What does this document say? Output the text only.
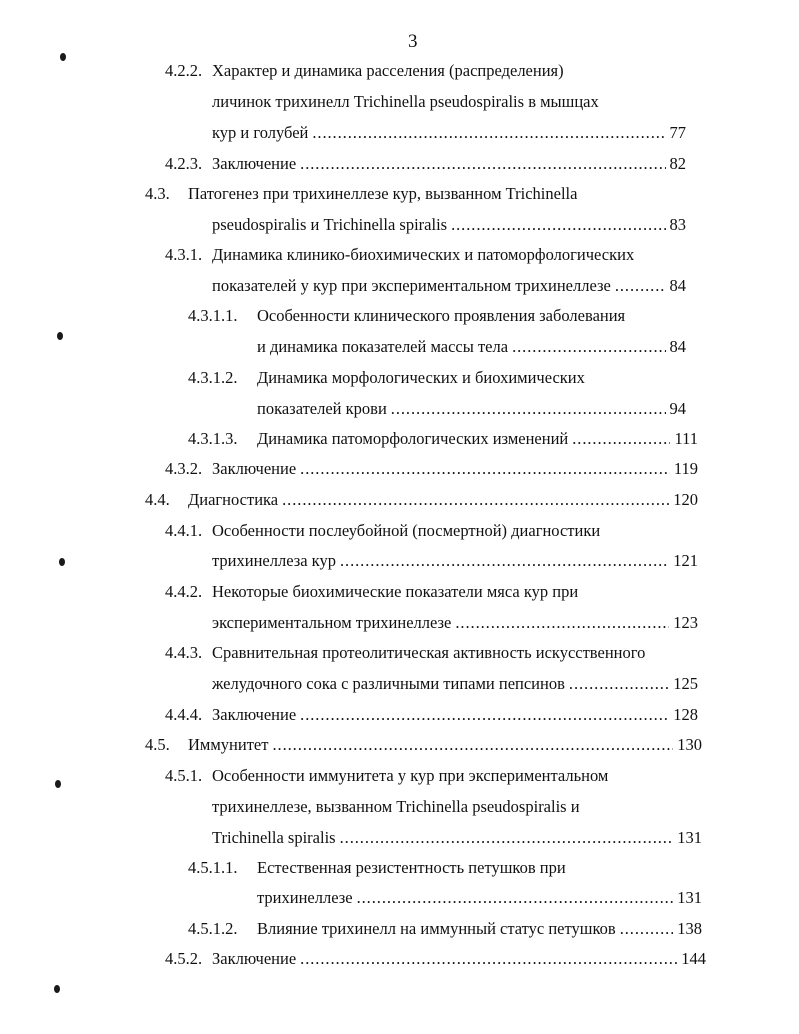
3
4.2.2. Характер и динамика расселения (распределения)
личинок трихинелл Trichinella pseudospiralis в мышцах
кур и голубей . . .	77
4.2.3. Заключение . . .	82
4.3. Патогенез при трихинеллезе кур, вызванном Trichinella
pseudospiralis и Trichinella spiralis . . .	83
4.3.1. Динамика клинико-биохимических и патоморфологических
показателей у кур при экспериментальном трихинеллезе . . .	84
4.3.1.1. Особенности клинического проявления заболевания
и динамика показателей массы тела . . .	84
4.3.1.2. Динамика морфологических и биохимических
показателей крови . . .	94
4.3.1.3.	Динамика патоморфологических изменений . . .	111
4.3.2. Заключение . . .	119
4.4.	Диагностика . . .	120
4.4.1. Особенности послеубойной (посмертной) диагностики
трихинеллеза кур . . .	121
4.4.2. Некоторые биохимические показатели мяса кур при
экспериментальном трихинеллезе . . .	123
4.4.3. Сравнительная протеолитическая активность искусственного
желудочного сока с различными типами пепсинов . . .	125
4.4.4. Заключение . . .	128
4.5.	Иммунитет . . .	130
4.5.1. Особенности иммунитета у кур при экспериментальном
трихинеллезе, вызванном Trichinella pseudospiralis и
Trichinella spiralis . . .	131
4.5.1.1. Естественная резистентность петушков при
трихинеллезе . . .	131
4.5.1.2.	Влияние трихинелл на иммунный статус петушков . . .	138
4.5.2. Заключение . . .	144
